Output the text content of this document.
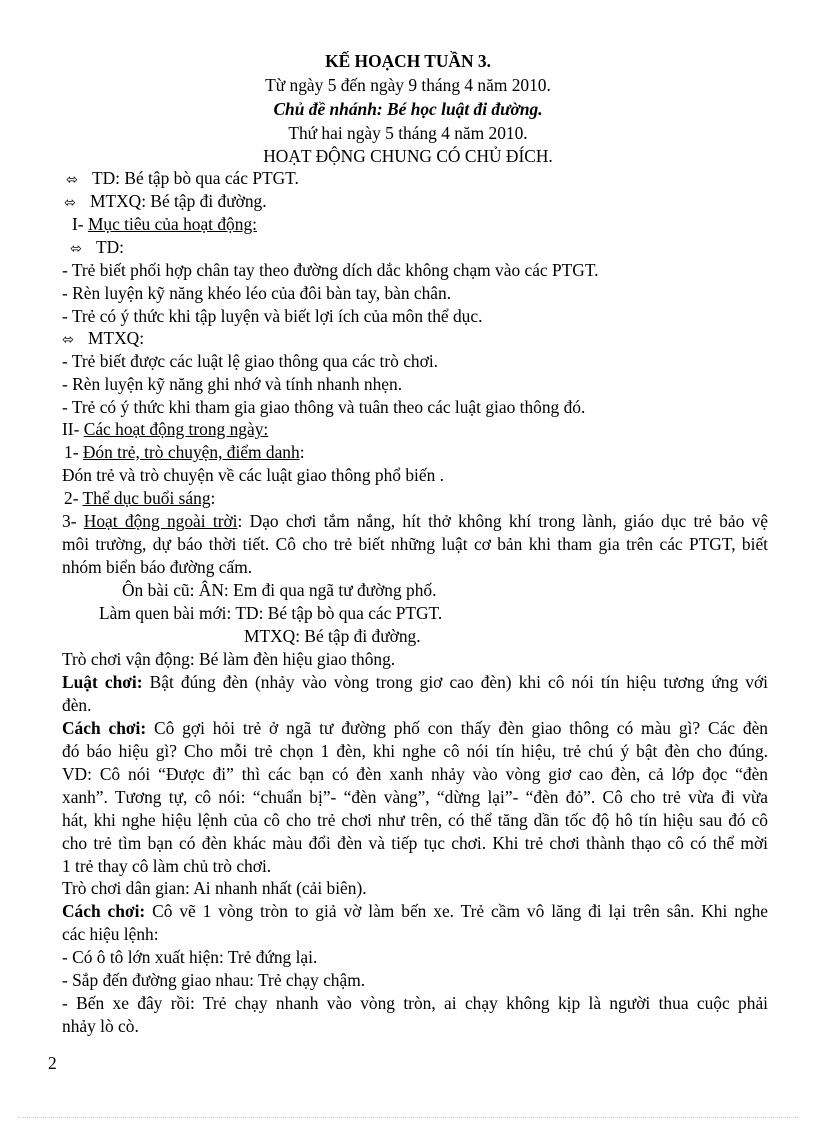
KẾ HOẠCH TUẦN 3.
Từ ngày 5 đến ngày 9 tháng 4 năm 2010.
Chủ đề nhánh: Bé học luật đi đường.
Thứ hai ngày 5 tháng 4 năm 2010.
HOẠT ĐỘNG CHUNG CÓ CHỦ ĐÍCH.
⬄ TD: Bé tập bò qua các PTGT.
⬄ MTXQ: Bé tập đi đường.
I- Mục tiêu của hoạt động:
⬄ TD:
- Trẻ biết phối hợp chân tay theo đường dích dắc không chạm vào các PTGT.
- Rèn luyện kỹ năng khéo léo của đôi bàn tay, bàn chân.
- Trẻ có ý thức khi tập luyện và biết lợi ích của môn thể dục.
⬄ MTXQ:
- Trẻ biết được các luật lệ giao thông qua các trò chơi.
- Rèn luyện kỹ năng ghi nhớ và tính nhanh nhẹn.
- Trẻ có ý thức khi tham gia giao thông và tuân theo các luật giao thông đó.
II- Các hoạt động trong ngày:
1- Đón trẻ, trò chuyện, điểm danh:
Đón trẻ và trò chuyện về các luật giao thông phổ biến .
2- Thể dục buổi sáng:
3- Hoạt động ngoài trời: Dạo chơi tắm nắng, hít thở không khí trong lành, giáo dục trẻ bảo vệ
môi trường, dự báo thời tiết. Cô cho trẻ biết những luật cơ bản khi tham gia trên các PTGT, biết
nhóm biển báo đường cấm.
Ôn bài cũ: ÂN: Em đi qua ngã tư đường phố.
Làm quen bài mới: TD: Bé tập bò qua các PTGT.
MTXQ: Bé tập đi đường.
Trò chơi vận động: Bé làm đèn hiệu giao thông.
Luật chơi: Bật đúng đèn (nhảy vào vòng trong giơ cao đèn) khi cô nói tín hiệu tương ứng với
đèn.
Cách chơi: Cô gợi hỏi trẻ ở ngã tư đường phố con thấy đèn giao thông có màu gì? Các đèn
đó báo hiệu gì? Cho mỗi trẻ chọn 1 đèn, khi nghe cô nói tín hiệu, trẻ chú ý bật đèn cho đúng.
VD: Cô nói “Được đi” thì các bạn có đèn xanh nhảy vào vòng giơ cao đèn, cả lớp đọc “đèn
xanh”. Tương tự, cô nói: “chuẩn bị”- “đèn vàng”, “dừng lại”- “đèn đỏ”. Cô cho trẻ vừa đi vừa
hát, khi nghe hiệu lệnh của cô cho trẻ chơi như trên, có thể tăng dần tốc độ hô tín hiệu sau đó cô
cho trẻ tìm bạn có đèn khác màu đổi đèn và tiếp tục chơi. Khi trẻ chơi thành thạo cô có thể mời
1 trẻ thay cô làm chủ trò chơi.
Trò chơi dân gian: Ai nhanh nhất (cải biên).
Cách chơi: Cô vẽ 1 vòng tròn to giả vờ làm bến xe. Trẻ cầm vô lăng đi lại trên sân. Khi nghe
các hiệu lệnh:
- Có ô tô lớn xuất hiện: Trẻ đứng lại.
- Sắp đến đường giao nhau: Trẻ chạy chậm.
- Bến xe đây rồi: Trẻ chạy nhanh vào vòng tròn, ai chạy không kịp là người thua cuộc phải
nhảy lò cò.
2
